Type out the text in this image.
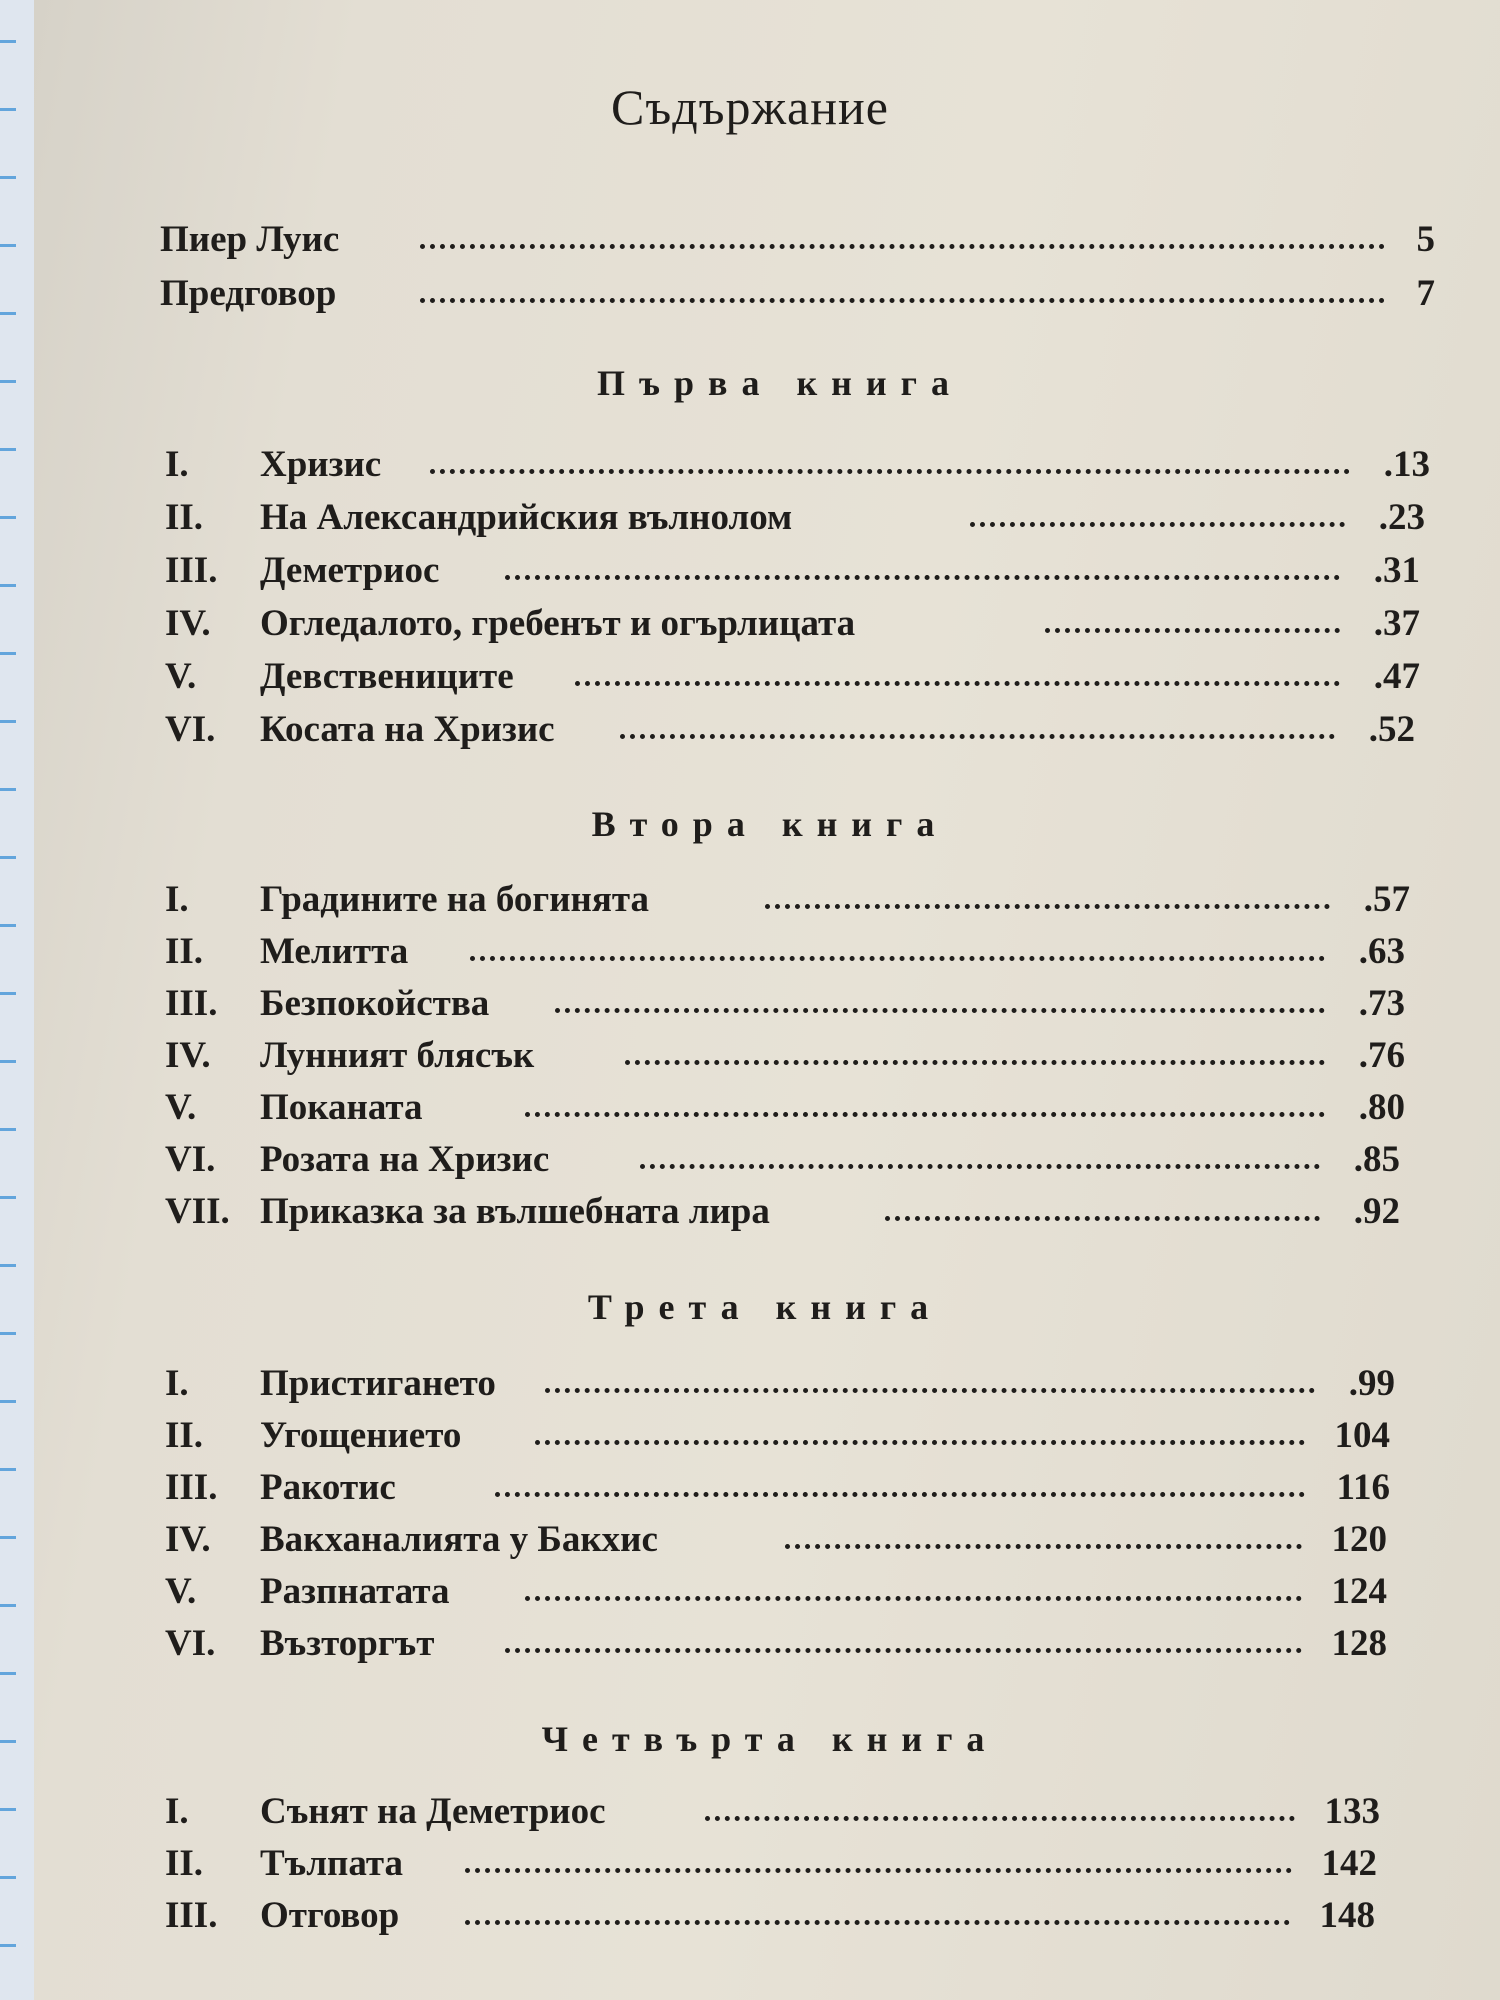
Съдържание
Пиер Луис	5
Предговор	7
Първа книга
I. Хризис	.13
II. На Александрийския вълнолом	.23
III. Деметриос	.31
IV. Огледалото, гребенът и огърлицата	.37
V. Девствениците	.47
VI. Косата на Хризис	.52
Втора книга
I. Градините на богинята	.57
II. Мелитта	.63
III. Безпокойства	.73
IV. Лунният блясък	.76
V. Поканата	.80
VI. Розата на Хризис	.85
VII. Приказка за вълшебната лира	.92
Трета книга
I. Пристигането	.99
II. Угощението	104
III. Ракотис	116
IV. Вакханалията у Бакхис	120
V. Разпнатата	124
VI. Възторгът	128
Четвърта книга
I. Сънят на Деметриос	133
II. Тълпата	142
III. Отговор	148
